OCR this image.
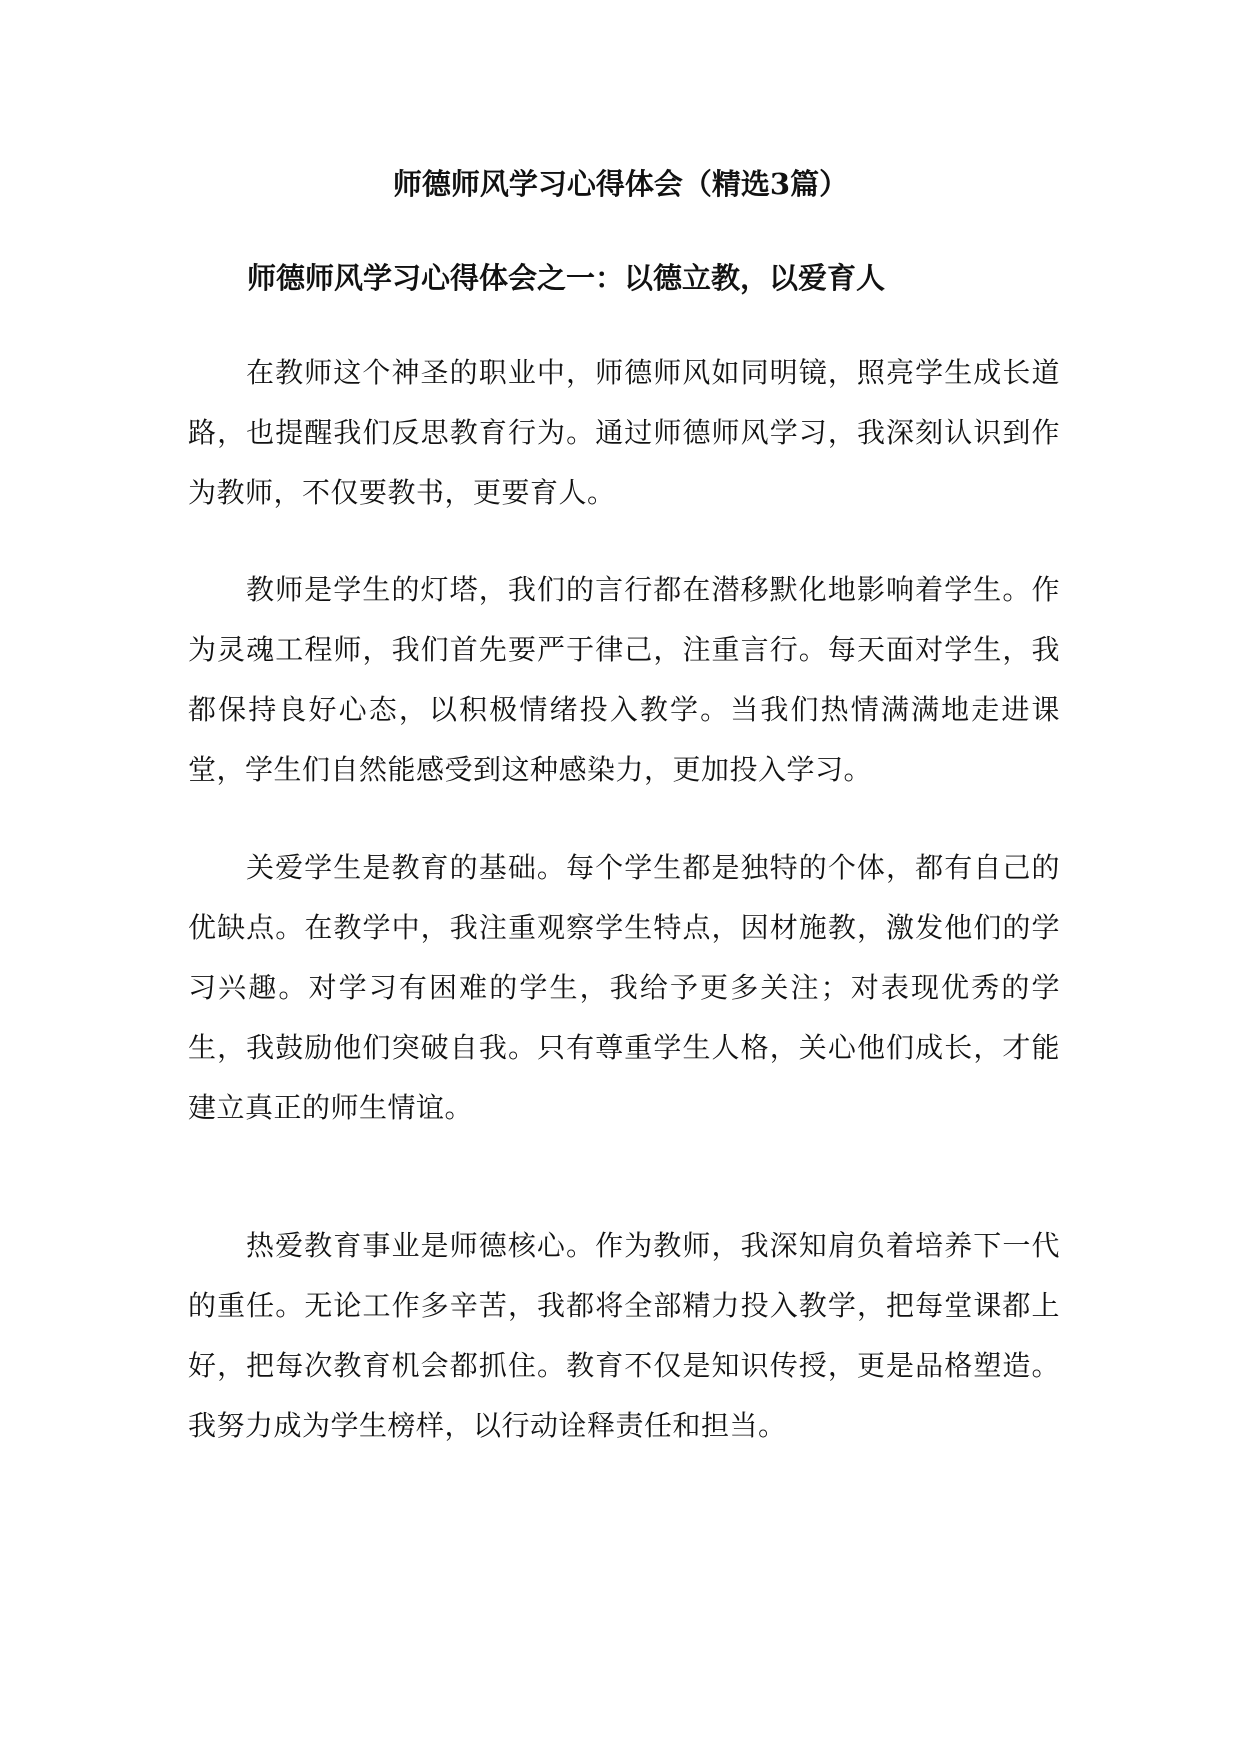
师德师风学习心得体会（精选3篇）
师德师风学习心得体会之一：以德立教，以爱育人

在教师这个神圣的职业中，师德师风如同明镜，照亮学生成长道路，也提醒我们反思教育行为。通过师德师风学习，我深刻认识到作为教师，不仅要教书，更要育人。

教师是学生的灯塔，我们的言行都在潜移默化地影响着学生。作为灵魂工程师，我们首先要严于律己，注重言行。每天面对学生，我都保持良好心态，以积极情绪投入教学。当我们热情满满地走进课堂，学生们自然能感受到这种感染力，更加投入学习。

关爱学生是教育的基础。每个学生都是独特的个体，都有自己的优缺点。在教学中，我注重观察学生特点，因材施教，激发他们的学习兴趣。对学习有困难的学生，我给予更多关注；对表现优秀的学生，我鼓励他们突破自我。只有尊重学生人格，关心他们成长，才能建立真正的师生情谊。

热爱教育事业是师德核心。作为教师，我深知肩负着培养下一代的重任。无论工作多辛苦，我都将全部精力投入教学，把每堂课都上好，把每次教育机会都抓住。教育不仅是知识传授，更是品格塑造。我努力成为学生榜样，以行动诠释责任和担当。
